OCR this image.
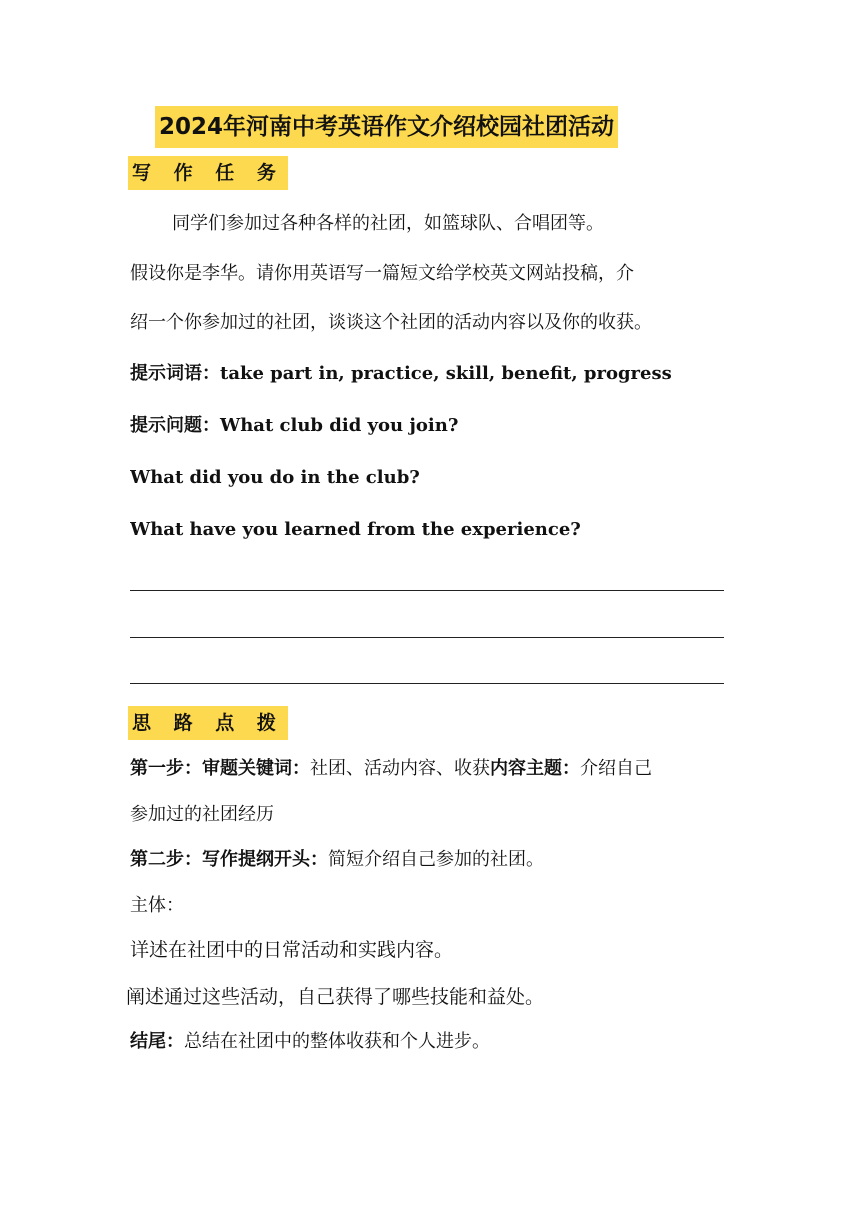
2024年河南中考英语作文介绍校园社团活动
写 作 任 务
同学们参加过各种各样的社团，如篮球队、合唱团等。
假设你是李华。请你用英语写一篇短文给学校英文网站投稿，介
绍一个你参加过的社团，谈谈这个社团的活动内容以及你的收获。
提示词语：take part in, practice, skill, benefit, progress
提示问题：What club did you join?
What did you do in the club?
What have you learned from the experience?
思 路 点 拨
第一步：审题关键词：社团、活动内容、收获内容主题：介绍自己
参加过的社团经历
第二步：写作提纲开头：简短介绍自己参加的社团。
主体：
详述在社团中的日常活动和实践内容。
阐述通过这些活动，自己获得了哪些技能和益处。
结尾：总结在社团中的整体收获和个人进步。
